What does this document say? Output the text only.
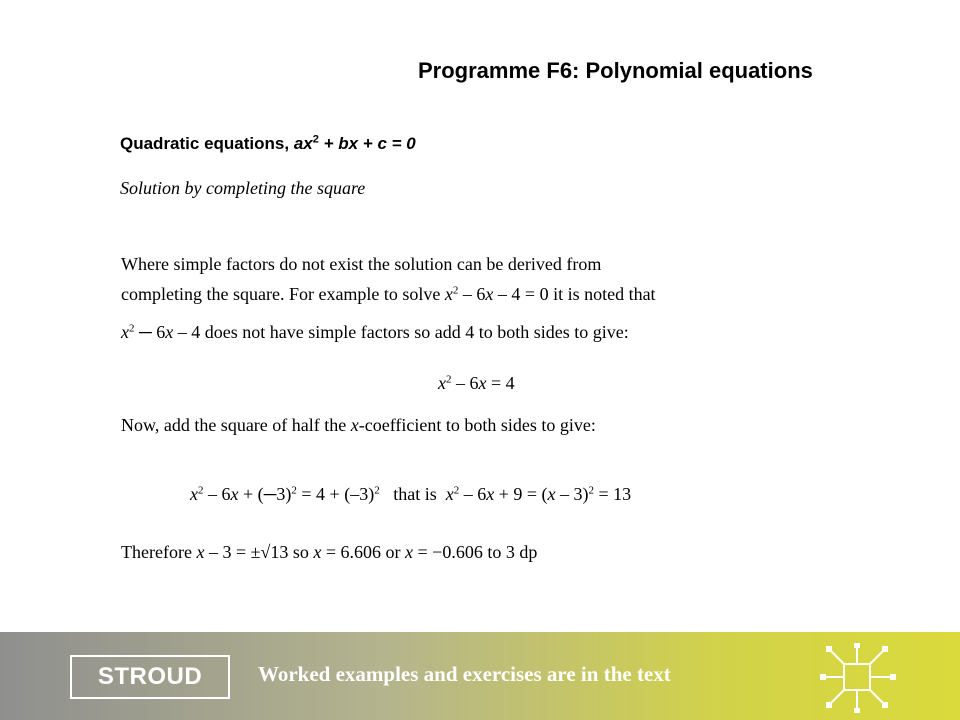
Programme F6: Polynomial equations
Quadratic equations, $ax^2$ + bx + c = 0
Solution by completing the square
Where simple factors do not exist the solution can be derived from
completing the square. For example to solve $x^2 - 6x - 4 = 0$ it is noted that
$x^2$ ─ 6x – 4 does not have simple factors so add 4 to both sides to give:
$x^2 - 6x = 4$
Now, add the square of half the x-coefficient to both sides to give:
$x^2 - 6x$ + (─3)$^2$ = $4 + (-3)^2$   that is  $x^2 - 6x + 9 = (x - 3)^2 = 13$
Therefore x – 3 = ±√13 so x = 6.606 or x = −0.606 to 3 dp
STROUD	Worked examples and exercises are in the text
